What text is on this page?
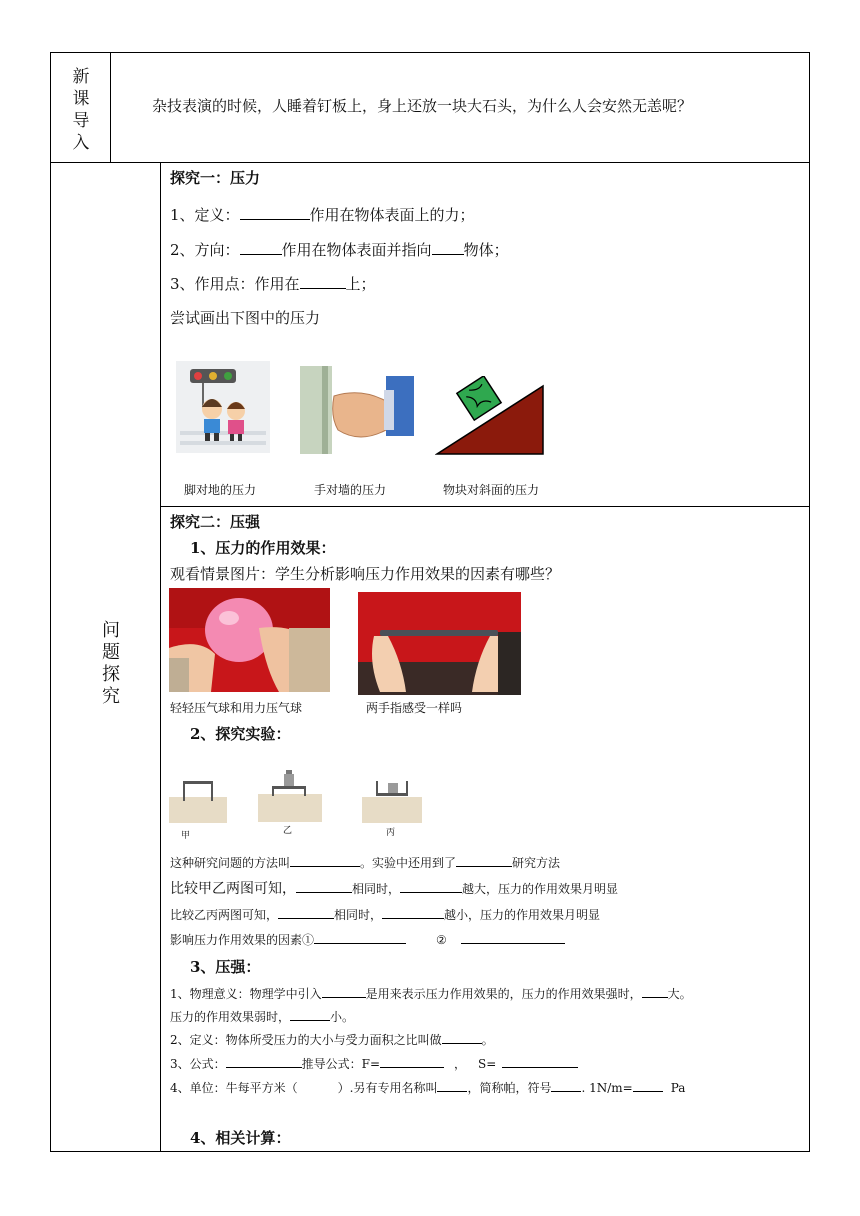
新
课
导
入
杂技表演的时候，人睡着钉板上，身上还放一块大石头，为什么人会安然无恙呢？
问
题
探
究
探究一：压力
1、定义：	作用在物体表面上的力；
2、方向：	作用在物体表面并指向 物体；
3、作用点：作用在	上；
尝试画出下图中的压力
脚对地的压力	手对墙的压力	物块对斜面的压力
探究二：压强
1、压力的作用效果：
观看情景图片：学生分析影响压力作用效果的因素有哪些？
轻轻压气球和用力压气球	两手指感受一样吗
2、探究实验：
甲	乙	丙
这种研究问题的方法叫	。实验中还用到了	研究方法
比较甲乙两图可知，	相同时，	越大，压力的作用效果月明显
比较乙丙两图可知，	相同时，	越小，压力的作用效果月明显
影响压力作用效果的因素①	②
3、压强：
1、物理意义：物理学中引入	是用来表示压力作用效果的，压力的作用效果强时， 大。
压力的作用效果弱时，	小。
2、定义：物体所受压力的大小与受力面积之比叫做	。
3、公式：	推导公式：F=	， S=
4、单位：牛每平方米（	）.另有专用名称叫	，简称帕，符号	. 1N/m=	Pa
4、相关计算：
